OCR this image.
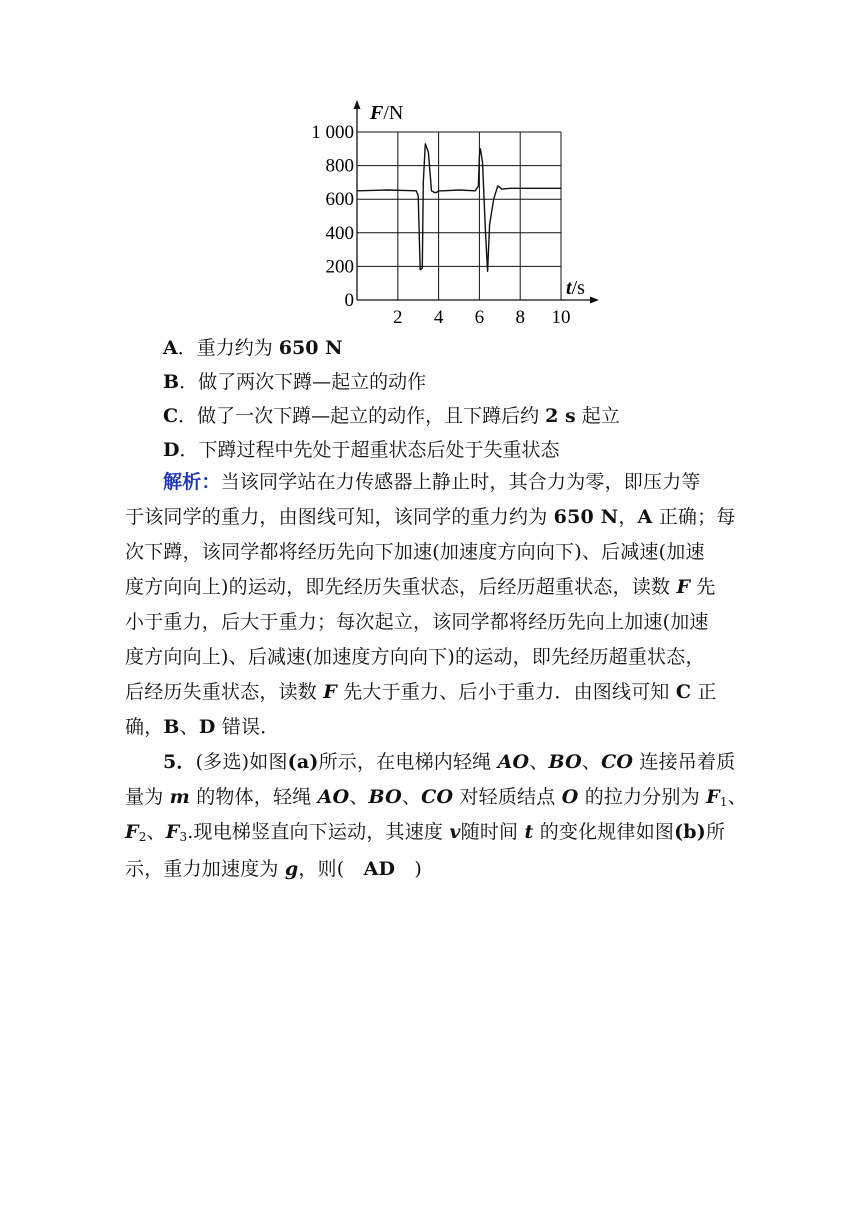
F/N
t/s
1 000
800
600
400
200
0
2 4 6 8 10
A．重力约为 650 N
B．做了两次下蹲—起立的动作
C．做了一次下蹲—起立的动作，且下蹲后约 2 s 起立
D．下蹲过程中先处于超重状态后处于失重状态
解析：当该同学站在力传感器上静止时，其合力为零，即压力等
于该同学的重力，由图线可知，该同学的重力约为 650 N，A 正确；每
次下蹲，该同学都将经历先向下加速(加速度方向向下)、后减速(加速
度方向向上)的运动，即先经历失重状态，后经历超重状态，读数 F 先
小于重力，后大于重力；每次起立，该同学都将经历先向上加速(加速
度方向向上)、后减速(加速度方向向下)的运动，即先经历超重状态，
后经历失重状态，读数 F 先大于重力、后小于重力．由图线可知 C 正
确，B、D 错误．
5．(多选)如图(a)所示，在电梯内轻绳 AO、BO、CO 连接吊着质
量为 m 的物体，轻绳 AO、BO、CO 对轻质结点 O 的拉力分别为 $F_1$、
$F_2$、$F_3$.现电梯竖直向下运动，其速度 v随时间 t 的变化规律如图(b)所
示，重力加速度为 g，则(　AD　)
